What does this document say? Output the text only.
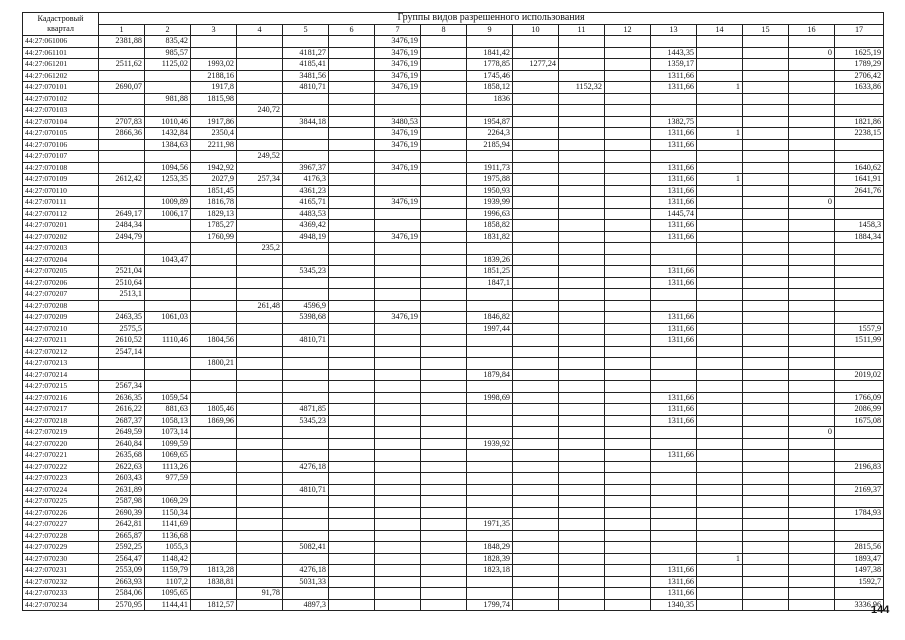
Кадастровый
квартал	Группы видов разрешенного использования																
	1	2	3	4	5	6	7	8	9	10	11	12	13	14	15	16	17
44:27:061006	2381,88	835,42					3476,19										
44:27:061101		985,57			4181,27		3476,19		1841,42				1443,35			0	1625,19
44:27:061201	2511,62	1125,02	1993,02		4185,41		3476,19		1778,85	1277,24			1359,17				1789,29
44:27:061202			2188,16		3481,56		3476,19		1745,46				1311,66				2706,42
44:27:070101	2690,07		1917,8		4810,71		3476,19		1858,12		1152,32		1311,66	1			1633,86
44:27:070102		981,88	1815,98						1836								
44:27:070103				240,72													
44:27:070104	2707,83	1010,46	1917,86		3844,18		3480,53		1954,87				1382,75				1821,86
44:27:070105	2866,36	1432,84	2350,4				3476,19		2264,3				1311,66	1			2238,15
44:27:070106		1384,63	2211,98				3476,19		2185,94				1311,66				
44:27:070107				249,52													
44:27:070108		1094,56	1942,92		3967,37		3476,19		1911,73				1311,66				1640,62
44:27:070109	2612,42	1253,35	2027,9	257,34	4176,3				1975,88				1311,66	1			1641,91
44:27:070110			1851,45		4361,23				1950,93				1311,66				2641,76
44:27:070111		1009,89	1816,78		4165,71		3476,19		1939,99				1311,66			0	
44:27:070112	2649,17	1006,17	1829,13		4483,53				1996,63				1445,74				
44:27:070201	2484,34		1785,27		4369,42				1858,82				1311,66				1458,3
44:27:070202	2494,79		1760,99		4948,19		3476,19		1831,82				1311,66				1884,34
44:27:070203				235,2													
44:27:070204		1043,47							1839,26								
44:27:070205	2521,04				5345,23				1851,25				1311,66				
44:27:070206	2510,64								1847,1				1311,66				
44:27:070207	2513,1																
44:27:070208				261,48	4596,9												
44:27:070209	2463,35	1061,03			5398,68		3476,19		1846,82				1311,66				
44:27:070210	2575,5								1997,44				1311,66				1557,9
44:27:070211	2610,52	1110,46	1804,56		4810,71								1311,66				1511,99
44:27:070212	2547,14																
44:27:070213			1800,21														
44:27:070214									1879,84								2019,02
44:27:070215	2567,34																
44:27:070216	2636,35	1059,54							1998,69				1311,66				1766,09
44:27:070217	2616,22	881,63	1805,46		4871,85								1311,66				2086,99
44:27:070218	2687,37	1058,13	1869,96		5345,23								1311,66				1675,08
44:27:070219	2649,59	1073,14														0	
44:27:070220	2640,84	1099,59							1939,92								
44:27:070221	2635,68	1069,65											1311,66				
44:27:070222	2622,63	1113,26			4276,18												2196,83
44:27:070223	2603,43	977,59															
44:27:070224	2631,89				4810,71												2169,37
44:27:070225	2587,98	1069,29															
44:27:070226	2690,39	1150,34															1784,93
44:27:070227	2642,81	1141,69							1971,35								
44:27:070228	2665,87	1136,68															
44:27:070229	2592,25	1055,3			5082,41				1848,29								2815,56
44:27:070230	2564,47	1148,42							1828,39					1			1893,47
44:27:070231	2553,09	1159,79	1813,28		4276,18				1823,18				1311,66				1497,38
44:27:070232	2663,93	1107,2	1838,81		5031,33								1311,66				1592,7
44:27:070233	2584,06	1095,65		91,78									1311,66				
44:27:070234	2570,95	1144,41	1812,57		4897,3				1799,74				1340,35				3336,96
144
